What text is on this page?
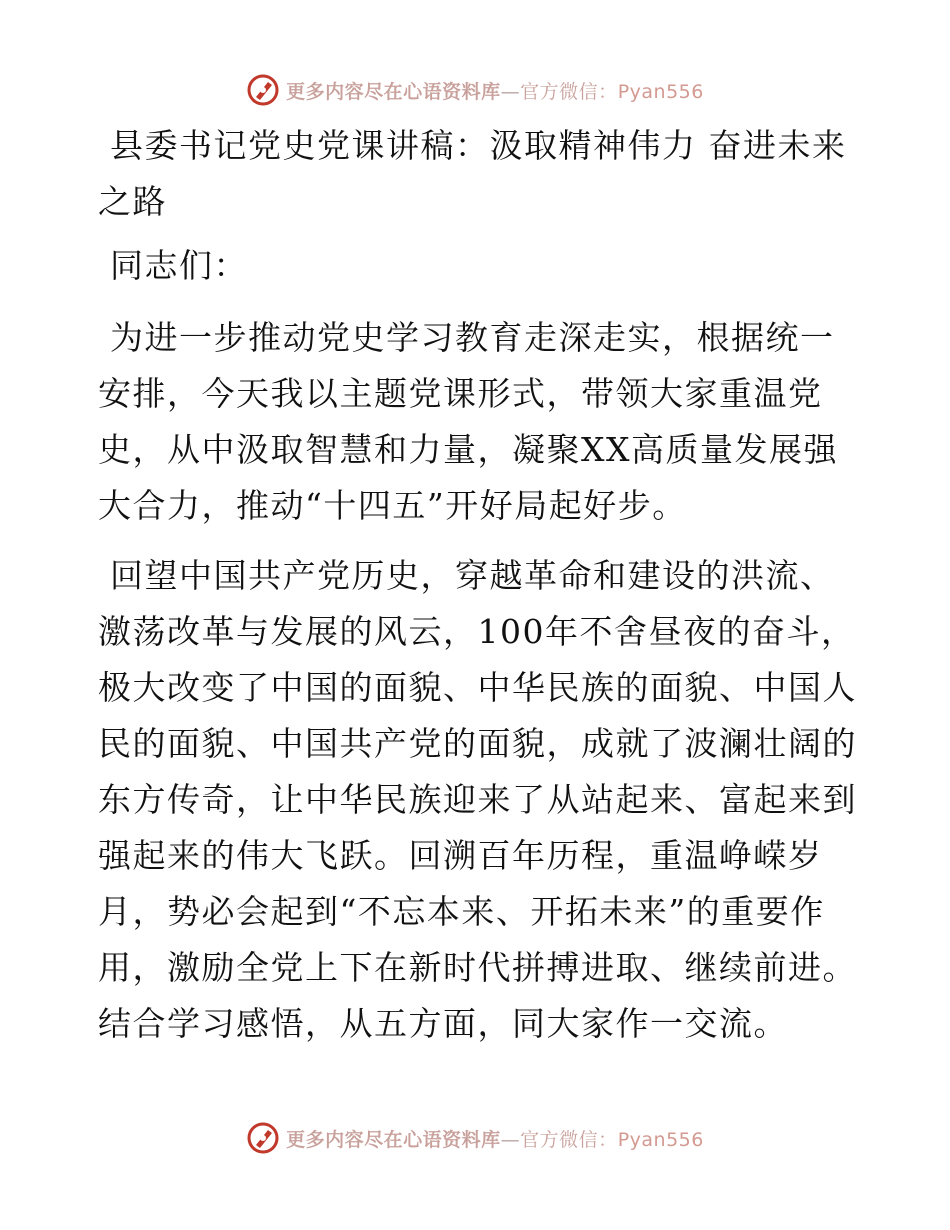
更多内容尽在心语资料库—官方微信：Pyan556

县委书记党史党课讲稿：汲取精神伟力 奋进未来之路

同志们：

为进一步推动党史学习教育走深走实，根据统一安排，今天我以主题党课形式，带领大家重温党史，从中汲取智慧和力量，凝聚XX高质量发展强大合力，推动“十四五”开好局起好步。

回望中国共产党历史，穿越革命和建设的洪流、激荡改革与发展的风云，100年不舍昼夜的奋斗，极大改变了中国的面貌、中华民族的面貌、中国人民的面貌、中国共产党的面貌，成就了波澜壮阔的东方传奇，让中华民族迎来了从站起来、富起来到强起来的伟大飞跃。回溯百年历程，重温峥嵘岁月，势必会起到“不忘本来、开拓未来”的重要作用，激励全党上下在新时代拼搏进取、继续前进。结合学习感悟，从五方面，同大家作一交流。

更多内容尽在心语资料库—官方微信：Pyan556
